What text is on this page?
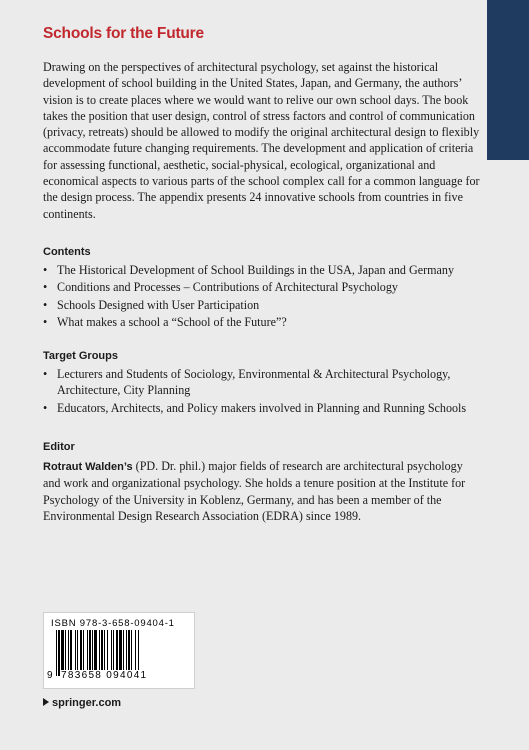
Schools for the Future

Drawing on the perspectives of architectural psychology, set against the historical development of school building in the United States, Japan, and Germany, the authors’ vision is to create places where we would want to relive our own school days. The book takes the position that user design, control of stress factors and control of communication (privacy, retreats) should be allowed to modify the original architectural design to flexibly accommodate future changing requirements. The development and application of criteria for assessing functional, aesthetic, social-physical, ecological, organizational and economical aspects to various parts of the school complex call for a common language for the design process. The appendix presents 24 innovative schools from countries in five continents.

Contents
• The Historical Development of School Buildings in the USA, Japan and Germany
• Conditions and Processes – Contributions of Architectural Psychology
• Schools Designed with User Participation
• What makes a school a “School of the Future”?
Target Groups
• Lecturers and Students of Sociology, Environmental & Architectural Psychology, Architecture, City Planning
• Educators, Architects, and Policy makers involved in Planning and Running Schools
Editor

Rotraut Walden’s (PD. Dr. phil.) major fields of research are architectural psychology and work and organizational psychology. She holds a tenure position at the Institute for Psychology of the University in Koblenz, Germany, and has been a member of the Environmental Design Research Association (EDRA) since 1989.

ISBN 978-3-658-09404-1
9 783658 094041
springer.com
